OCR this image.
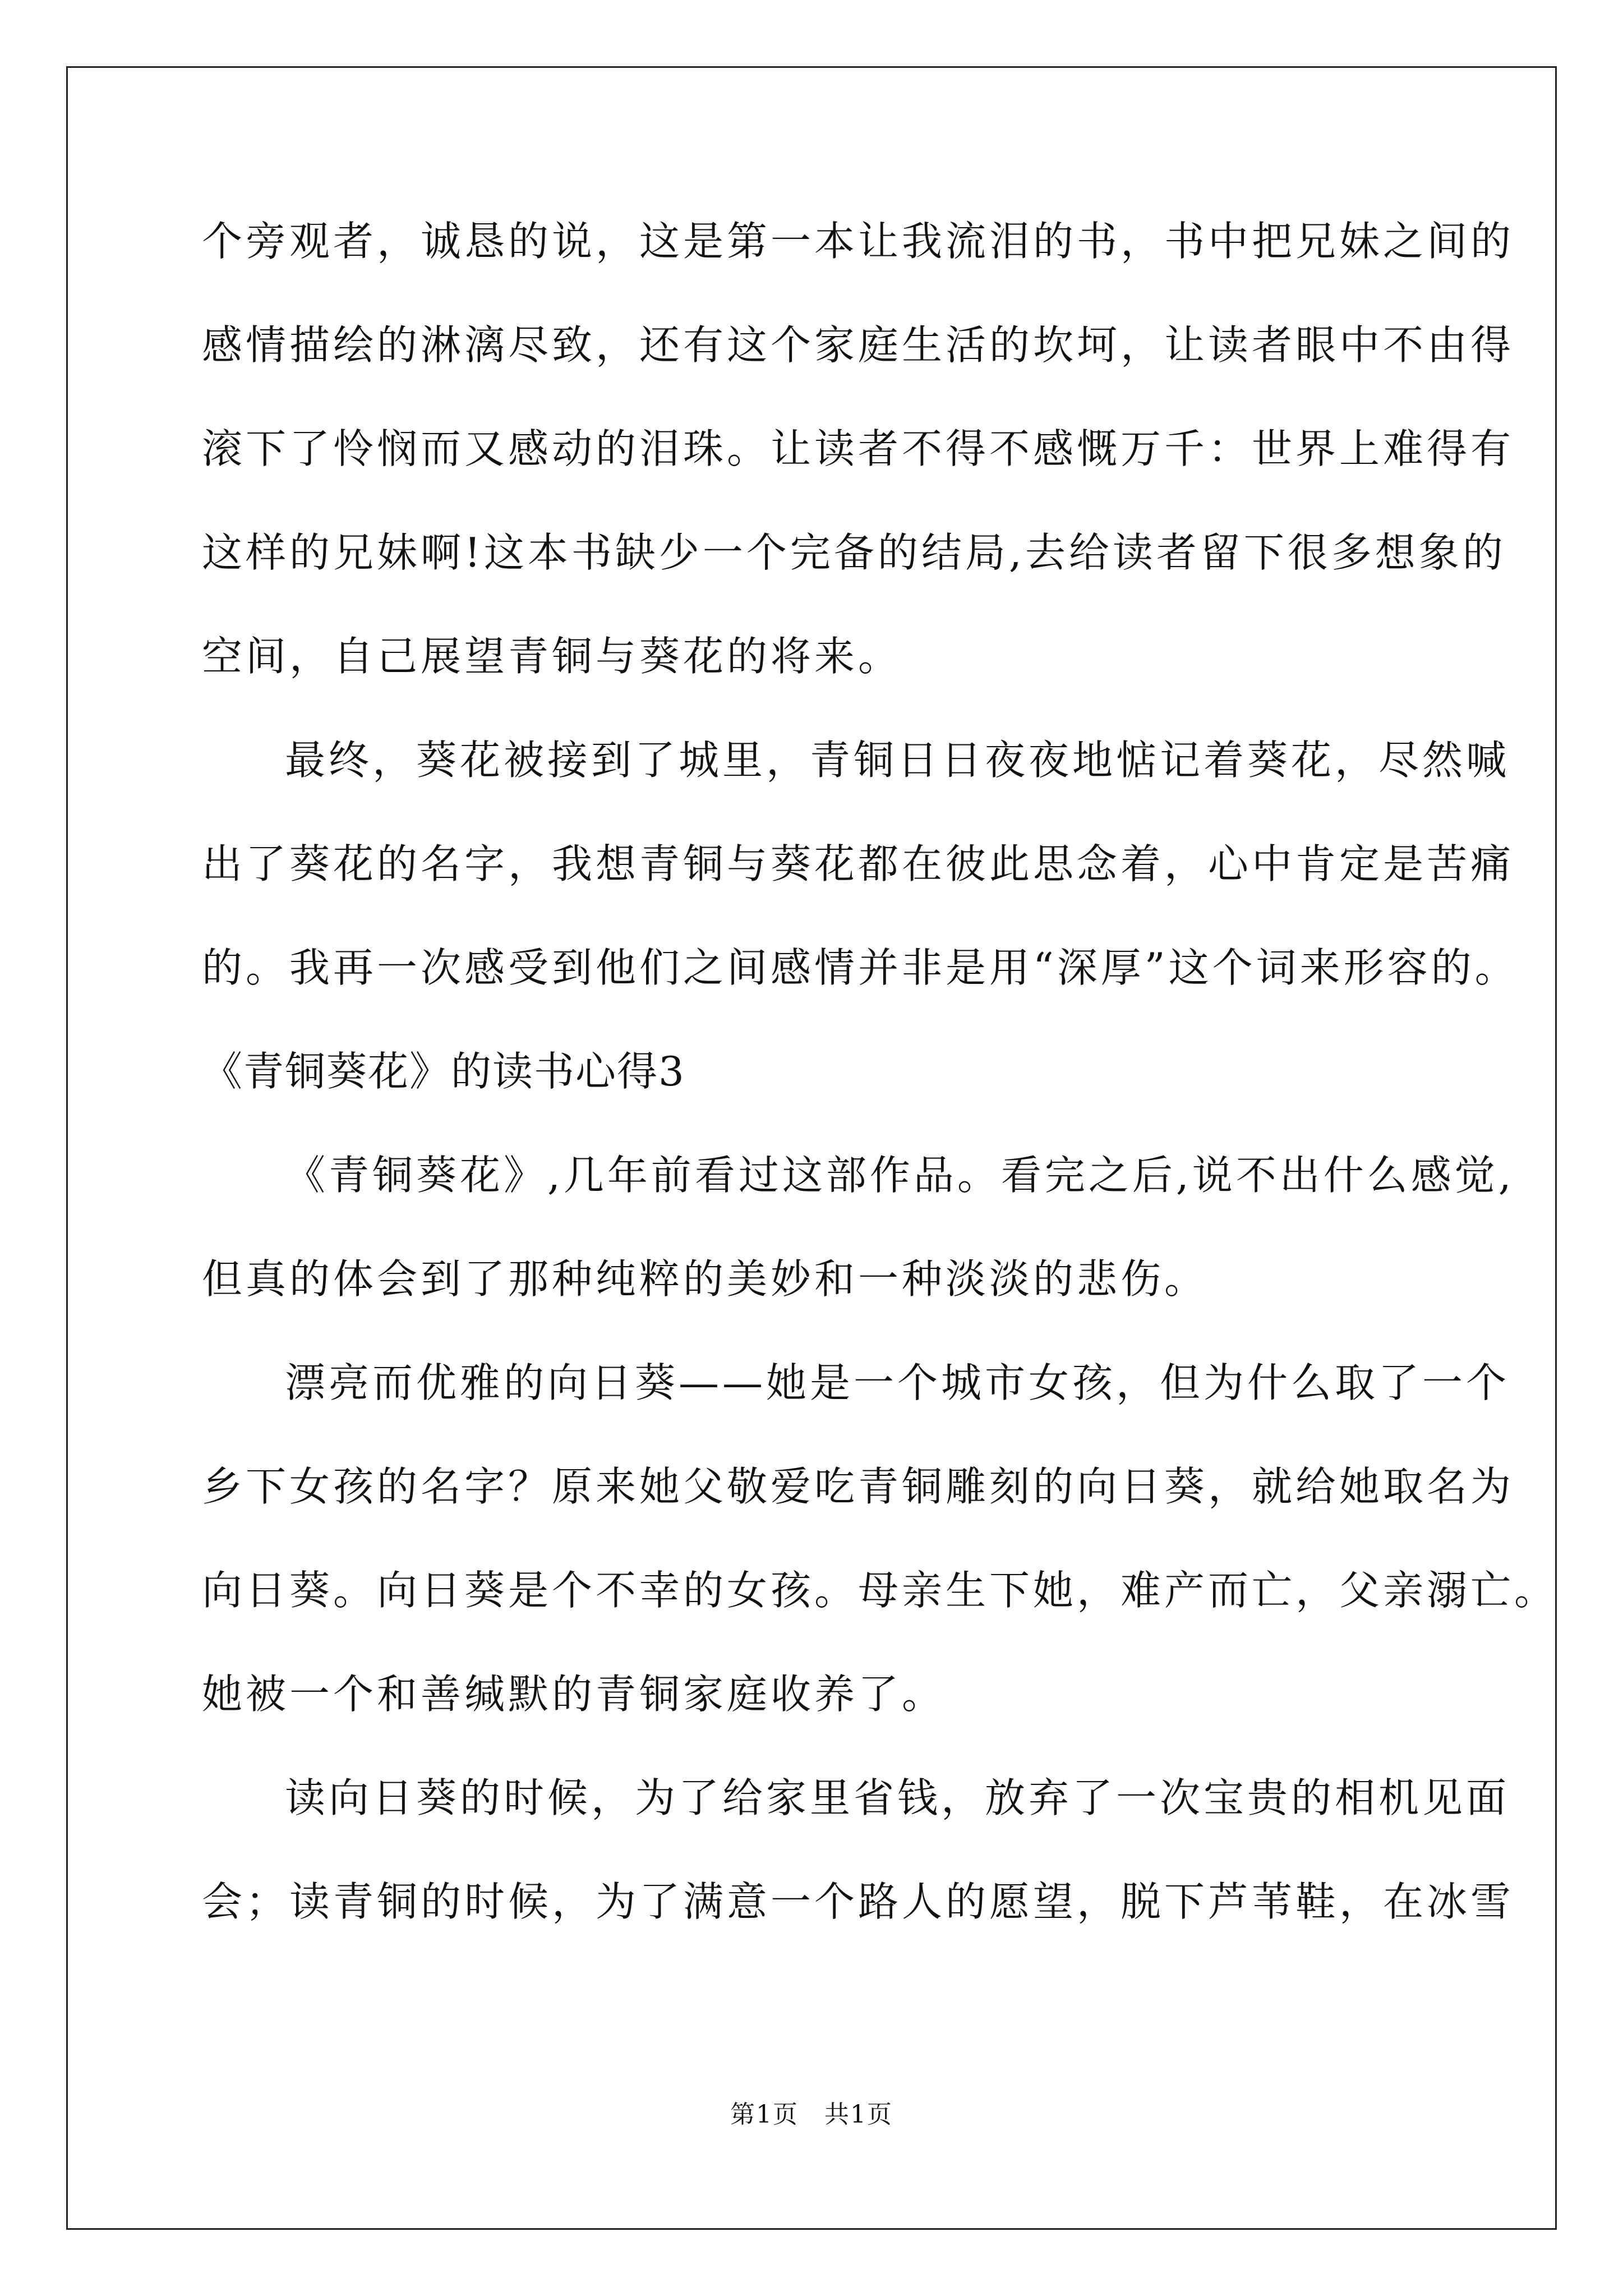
个旁观者，诚恳的说，这是第一本让我流泪的书，书中把兄妹之间的
感情描绘的淋漓尽致，还有这个家庭生活的坎坷，让读者眼中不由得
滚下了怜悯而又感动的泪珠。让读者不得不感慨万千：世界上难得有
这样的兄妹啊!这本书缺少一个完备的结局,去给读者留下很多想象的
空间，自己展望青铜与葵花的将来。
最终，葵花被接到了城里，青铜日日夜夜地惦记着葵花，尽然喊
出了葵花的名字，我想青铜与葵花都在彼此思念着，心中肯定是苦痛
的。我再一次感受到他们之间感情并非是用“深厚”这个词来形容的。
《青铜葵花》的读书心得3
《青铜葵花》,几年前看过这部作品。看完之后,说不出什么感觉,
但真的体会到了那种纯粹的美妙和一种淡淡的悲伤。
漂亮而优雅的向日葵——她是一个城市女孩，但为什么取了一个
乡下女孩的名字？原来她父敬爱吃青铜雕刻的向日葵，就给她取名为
向日葵。向日葵是个不幸的女孩。母亲生下她，难产而亡，父亲溺亡。
她被一个和善缄默的青铜家庭收养了。
读向日葵的时候，为了给家里省钱，放弃了一次宝贵的相机见面
会；读青铜的时候，为了满意一个路人的愿望，脱下芦苇鞋，在冰雪
第1页　共1页
